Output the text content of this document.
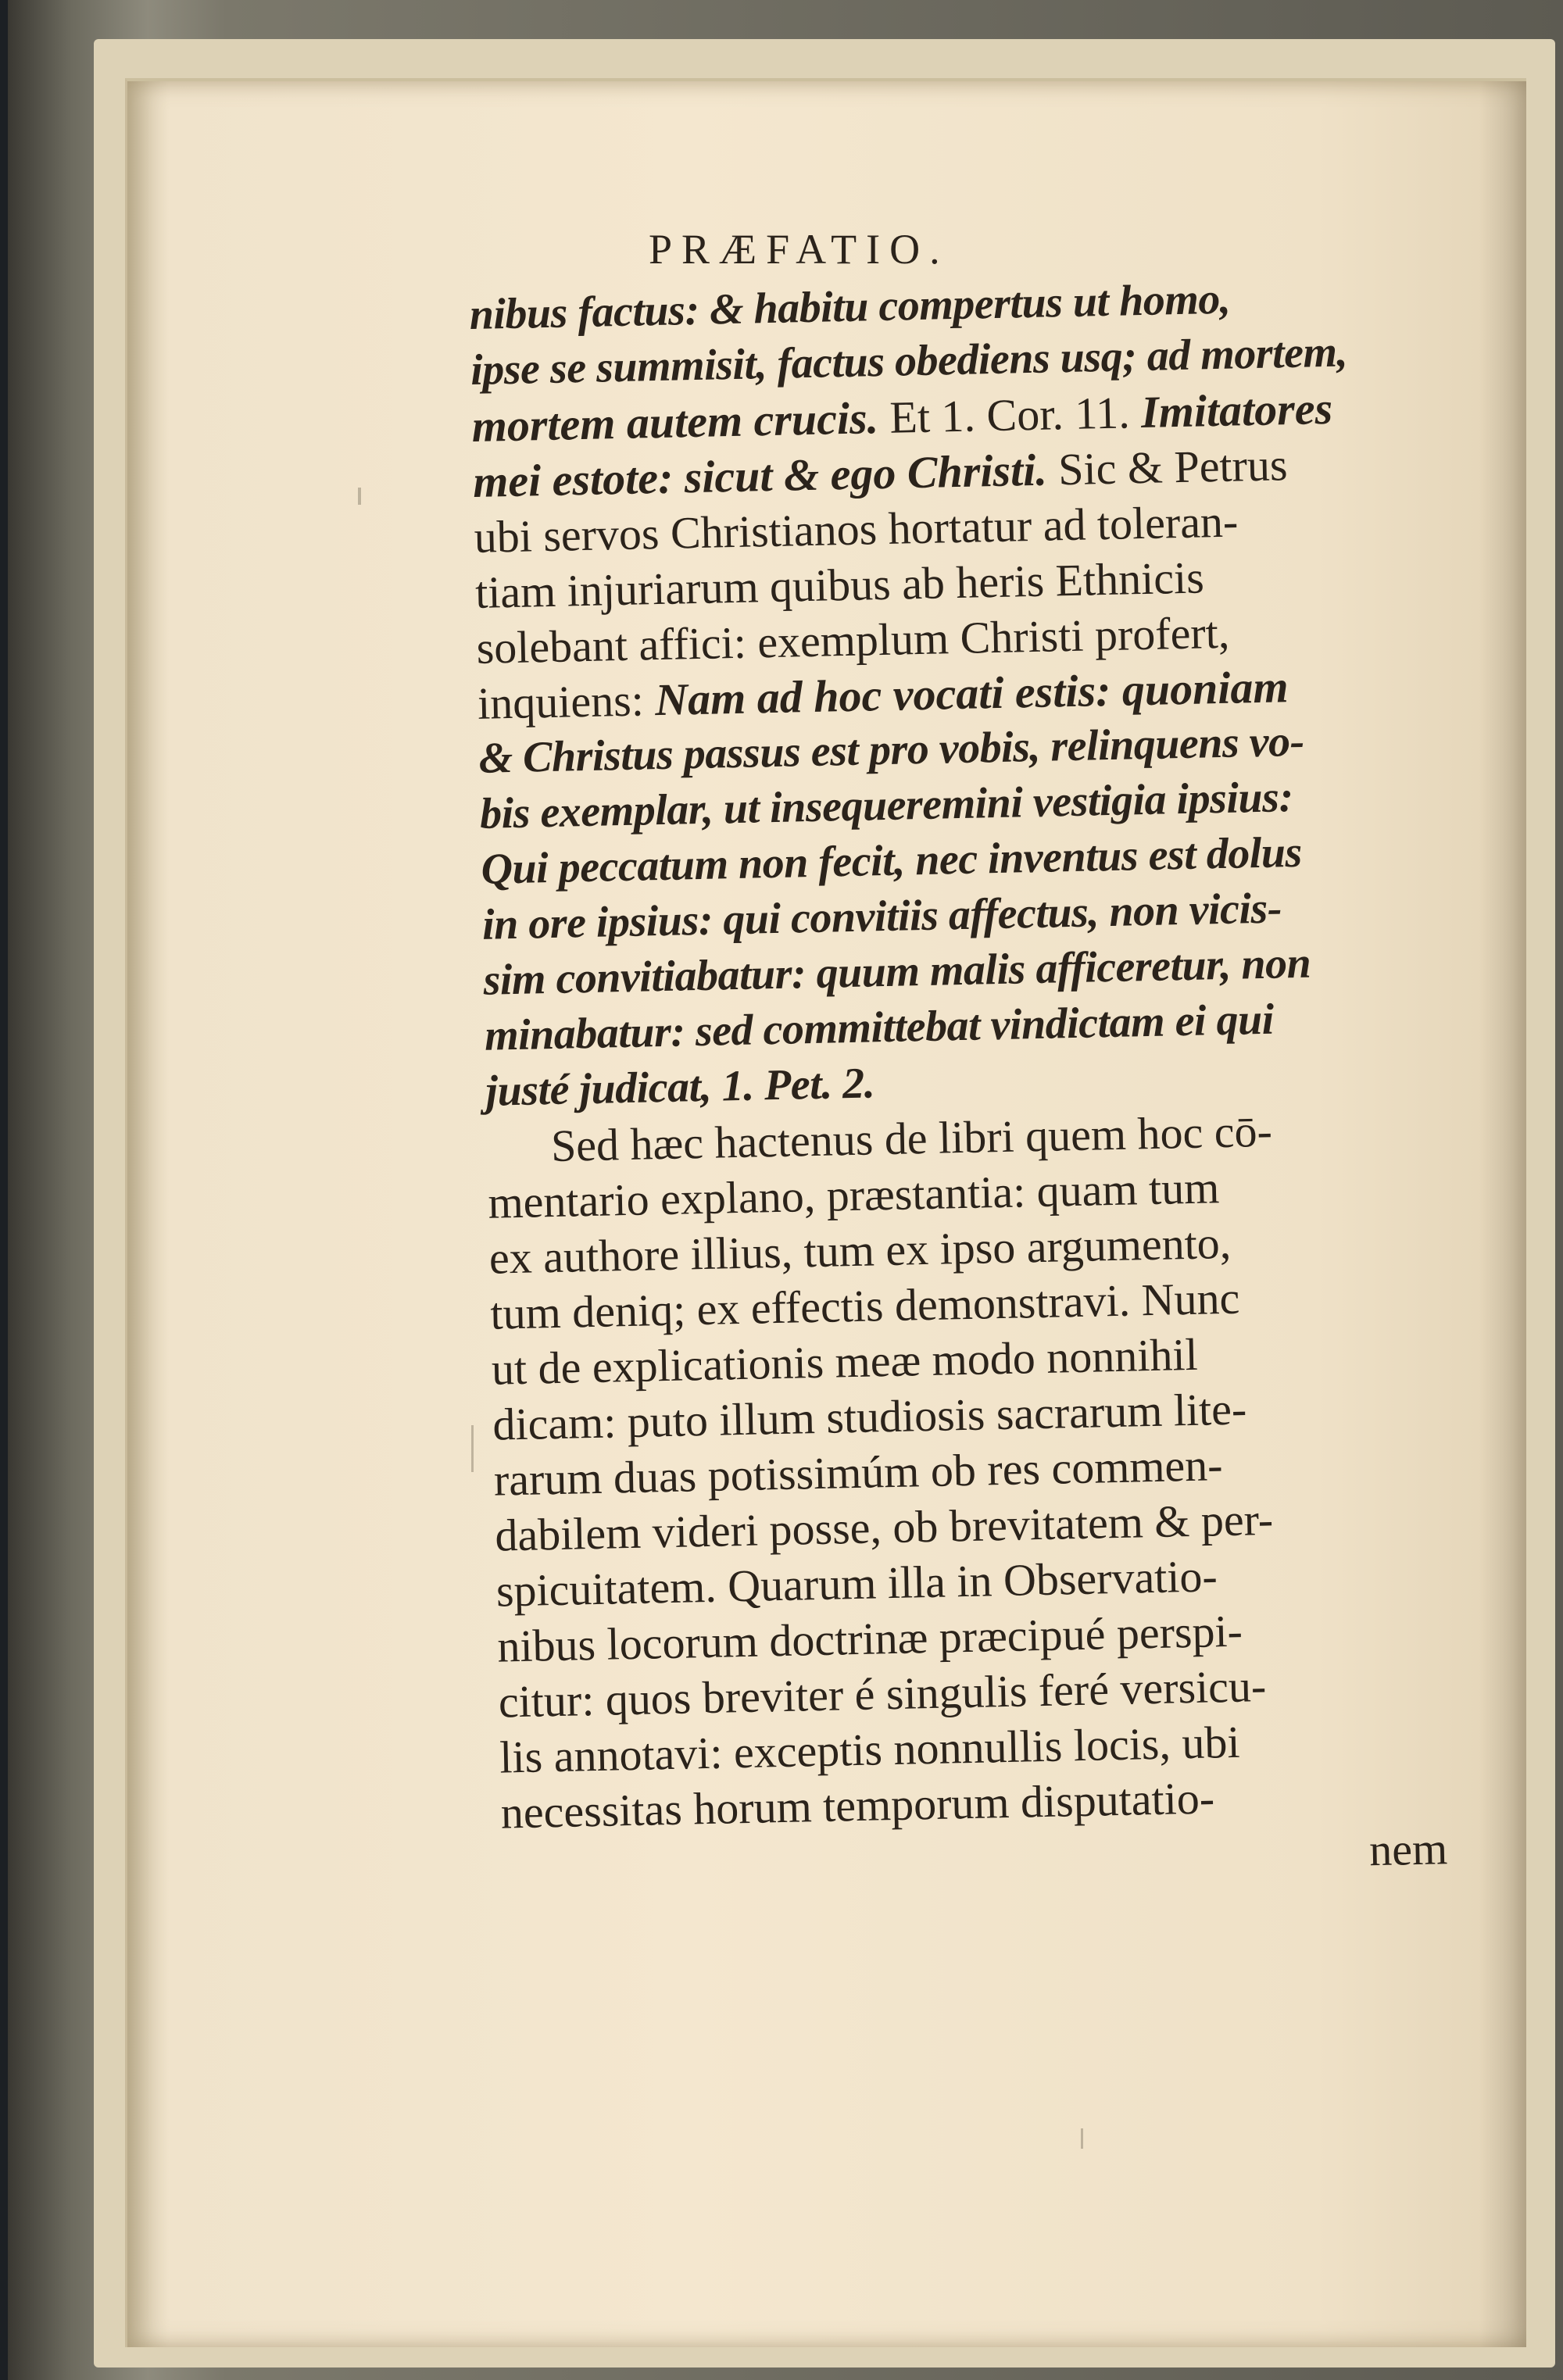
PRÆFATIO.
nibus factus: & habitu compertus ut homo,
ipse se summisit, factus obediens usq; ad mortem,
mortem autem crucis. Et 1. Cor. 11. Imitatores
mei estote: sicut & ego Christi. Sic & Petrus
ubi servos Christianos hortatur ad toleran-
tiam injuriarum quibus ab heris Ethnicis
solebant affici: exemplum Christi profert,
inquiens: Nam ad hoc vocati estis: quoniam
& Christus passus est pro vobis, relinquens vo-
bis exemplar, ut insequeremini vestigia ipsius:
Qui peccatum non fecit, nec inventus est dolus
in ore ipsius: qui convitiis affectus, non vicis-
sim convitiabatur: quum malis afficeretur, non
minabatur: sed committebat vindictam ei qui
justé judicat, 1. Pet. 2.
Sed hæc hactenus de libri quem hoc cō-
mentario explano, præstantia: quam tum
ex authore illius, tum ex ipso argumento,
tum deniq; ex effectis demonstravi. Nunc
ut de explicationis meæ modo nonnihil
dicam: puto illum studiosis sacrarum lite-
rarum duas potissimúm ob res commen-
dabilem videri posse, ob brevitatem & per-
spicuitatem. Quarum illa in Observatio-
nibus locorum doctrinæ præcipué perspi-
citur: quos breviter é singulis feré versicu-
lis annotavi: exceptis nonnullis locis, ubi
necessitas horum temporum disputatio-
nem
